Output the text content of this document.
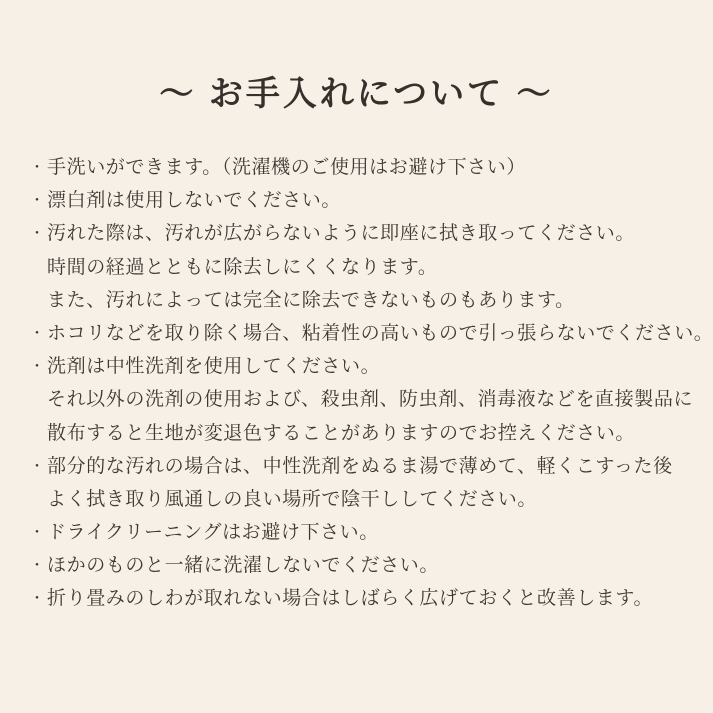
～ お手入れについて ～
・ 手洗いができます。（洗濯機のご使用はお避け下さい）
・ 漂白剤は使用しないでください。
・ 汚れた際は、汚れが広がらないように即座に拭き取ってください。
時間の経過とともに除去しにくくなります。
また、汚れによっては完全に除去できないものもあります。
・ ホコリなどを取り除く場合、粘着性の高いもので引っ張らないでください。
・ 洗剤は中性洗剤を使用してください。
それ以外の洗剤の使用および、殺虫剤、防虫剤、消毒液などを直接製品に
散布すると生地が変退色することがありますのでお控えください。
・ 部分的な汚れの場合は、中性洗剤をぬるま湯で薄めて、軽くこすった後
よく拭き取り風通しの良い場所で陰干ししてください。
・ ドライクリーニングはお避け下さい。
・ ほかのものと一緒に洗濯しないでください。
・ 折り畳みのしわが取れない場合はしばらく広げておくと改善します。
